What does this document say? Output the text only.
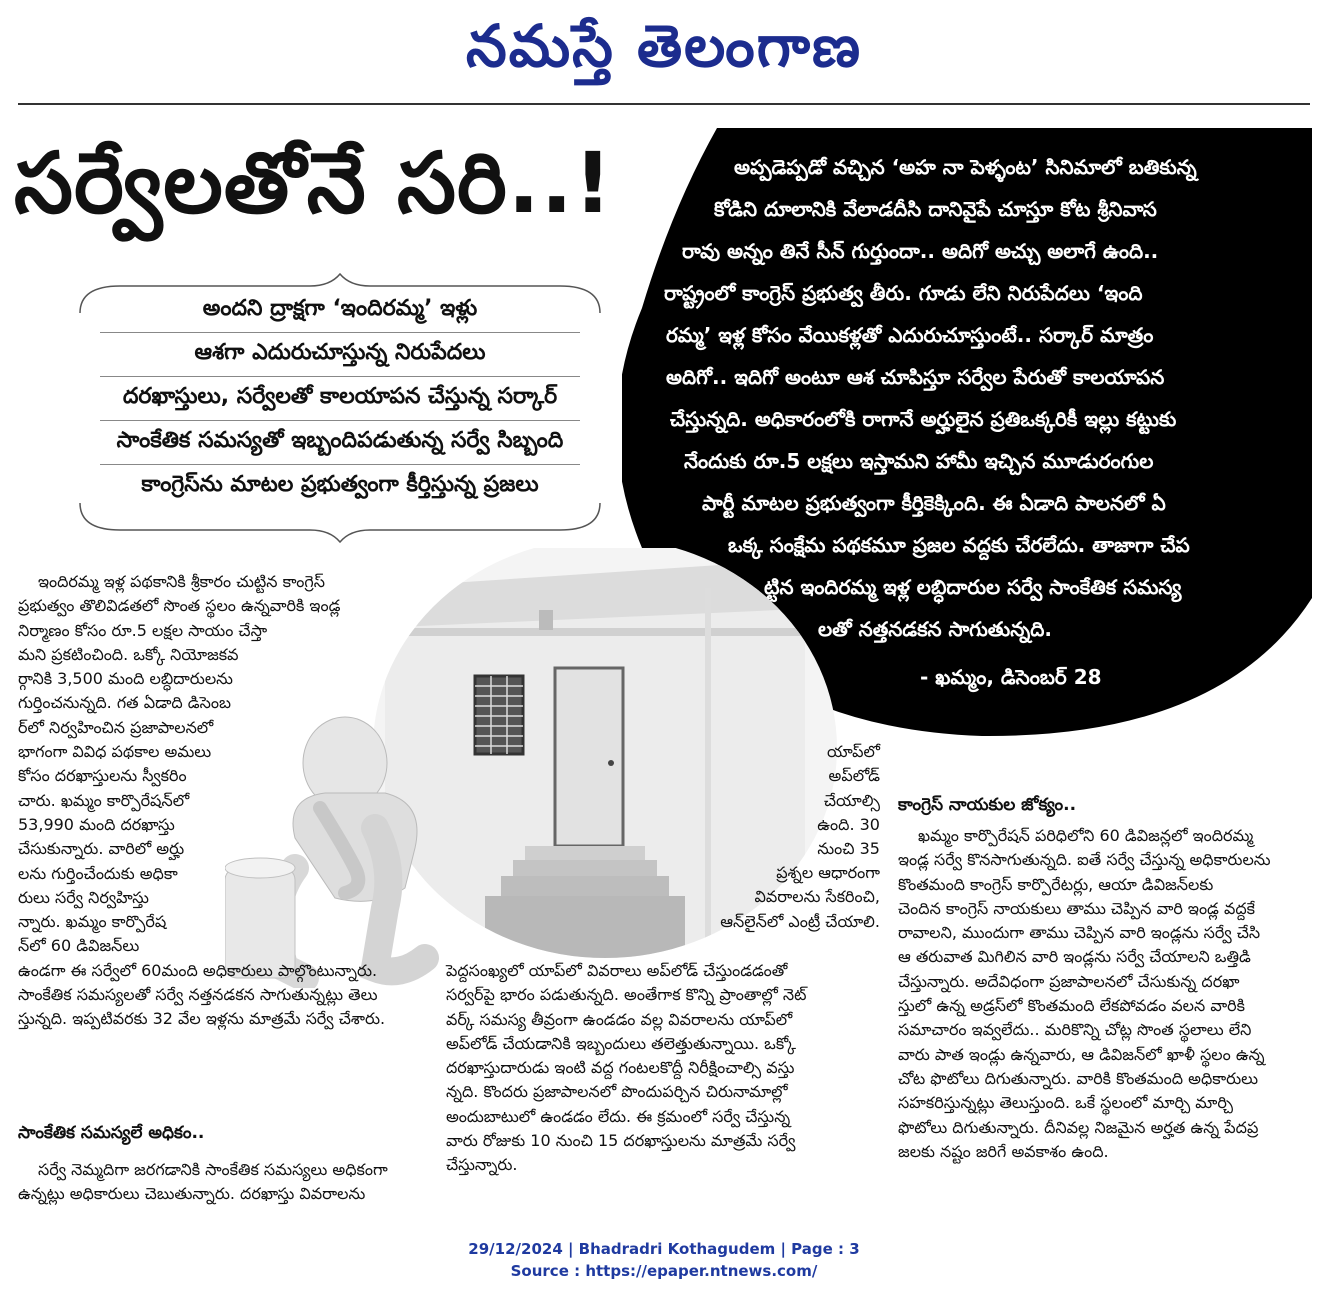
నమస్తే తెలంగాణ
సర్వేలతోనే సరి..!
అందని ద్రాక్షగా ‘ఇందిరమ్మ’ ఇళ్లు
ఆశగా ఎదురుచూస్తున్న నిరుపేదలు
దరఖాస్తులు, సర్వేలతో కాలయాపన చేస్తున్న సర్కార్
సాంకేతిక సమస్యతో ఇబ్బందిపడుతున్న సర్వే సిబ్బంది
కాంగ్రెస్‌ను మాటల ప్రభుత్వంగా కీర్తిస్తున్న ప్రజలు
అప్పడెప్పడో వచ్చిన ‘అహ నా పెళ్ళంట’ సినిమాలో బతికున్న
కోడిని దూలానికి వేలాడదీసి దానివైపే చూస్తూ కోట శ్రీనివాస
రావు అన్నం తినే సీన్‌ గుర్తుందా.. అదిగో అచ్చు అలాగే ఉంది..
రాష్ట్రంలో కాంగ్రెస్‌ ప్రభుత్వ తీరు. గూడు లేని నిరుపేదలు ‘ఇంది
రమ్మ’ ఇళ్ల కోసం వేయికళ్లతో ఎదురుచూస్తుంటే.. సర్కార్‌ మాత్రం
అదిగో.. ఇదిగో అంటూ ఆశ చూపిస్తూ సర్వేల పేరుతో కాలయాపన
చేస్తున్నది. అధికారంలోకి రాగానే అర్హులైన ప్రతిఒక్కరికీ ఇల్లు కట్టుకు
నేందుకు రూ.5 లక్షలు ఇస్తామని హామీ ఇచ్చిన మూడురంగుల
పార్టీ మాటల ప్రభుత్వంగా కీర్తికెక్కింది. ఈ ఏడాది పాలనలో ఏ
ఒక్క సంక్షేమ పథకమూ ప్రజల వద్దకు చేరలేదు. తాజాగా చేప
ట్టిన ఇందిరమ్మ ఇళ్ల లబ్ధిదారుల సర్వే సాంకేతిక సమస్య
లతో నత్తనడకన సాగుతున్నది.
- ఖమ్మం, డిసెంబర్‌ 28
ఇందిరమ్మ ఇళ్ల పథకానికి శ్రీకారం చుట్టిన కాంగ్రెస్‌
ప్రభుత్వం తొలివిడతలో సొంత స్థలం ఉన్నవారికి ఇండ్ల
నిర్మాణం కోసం రూ.5 లక్షల సాయం చేస్తా
మని ప్రకటించింది. ఒక్కో నియోజకవ
ర్గానికి 3,500 మంది లబ్ధిదారులను
గుర్తించనున్నది. గత ఏడాది డిసెంబ
ర్‌లో నిర్వహించిన ప్రజాపాలనలో
భాగంగా వివిధ పథకాల అమలు
కోసం దరఖాస్తులను స్వీకరిం
చారు. ఖమ్మం కార్పొరేషన్‌లో
53,990 మంది దరఖాస్తు
చేసుకున్నారు. వారిలో అర్హు
లను గుర్తించేందుకు అధికా
రులు సర్వే నిర్వహిస్తు
న్నారు. ఖమ్మం కార్పొరేష
న్‌లో 60 డివిజన్‌లు
ఉండగా ఈ సర్వేలో 60మంది అధికారులు పాల్గొంటున్నారు.
సాంకేతిక సమస్యలతో సర్వే నత్తనడకన సాగుతున్నట్లు తెలు
స్తున్నది. ఇప్పటివరకు 32 వేల ఇళ్లను మాత్రమే సర్వే చేశారు.
సాంకేతిక సమస్యలే అధికం..
సర్వే నెమ్మదిగా జరగడానికి సాంకేతిక సమస్యలు అధికంగా
ఉన్నట్లు అధికారులు చెబుతున్నారు. దరఖాస్తు వివరాలను
యాప్‌లో
అప్‌లోడ్‌
చేయాల్సి
ఉంది. 30
నుంచి 35
ప్రశ్నల ఆధారంగా
వివరాలను సేకరించి,
ఆన్‌లైన్‌లో ఎంట్రీ చేయాలి.
పెద్దసంఖ్యలో యాప్‌లో వివరాలు అప్‌లోడ్‌ చేస్తుండడంతో
సర్వర్‌పై భారం పడుతున్నది. అంతేగాక కొన్ని ప్రాంతాల్లో నెట్‌
వర్క్‌ సమస్య తీవ్రంగా ఉండడం వల్ల వివరాలను యాప్‌లో
అప్‌లోడ్‌ చేయడానికి ఇబ్బందులు తలెత్తుతున్నాయి. ఒక్కో
దరఖాస్తుదారుడు ఇంటి వద్ద గంటలకొద్దీ నిరీక్షించాల్సి వస్తు
న్నది. కొందరు ప్రజాపాలనలో పొందుపర్చిన చిరునామాల్లో
అందుబాటులో ఉండడం లేదు. ఈ క్రమంలో సర్వే చేస్తున్న
వారు రోజుకు 10 నుంచి 15 దరఖాస్తులను మాత్రమే సర్వే
చేస్తున్నారు.
కాంగ్రెస్‌ నాయకుల జోక్యం..
ఖమ్మం కార్పొరేషన్‌ పరిధిలోని 60 డివిజన్లలో ఇందిరమ్మ
ఇండ్ల సర్వే కొనసాగుతున్నది. ఐతే సర్వే చేస్తున్న అధికారులను
కొంతమంది కాంగ్రెస్‌ కార్పొరేటర్లు, ఆయా డివిజన్‌లకు
చెందిన కాంగ్రెస్‌ నాయకులు తాము చెప్పిన వారి ఇండ్ల వద్దకే
రావాలని, ముందుగా తాము చెప్పిన వారి ఇండ్లను సర్వే చేసి
ఆ తరువాత మిగిలిన వారి ఇండ్లను సర్వే చేయాలని ఒత్తిడి
చేస్తున్నారు. అదేవిధంగా ప్రజాపాలనలో చేసుకున్న దరఖా
స్తులో ఉన్న అడ్రస్‌లో కొంతమంది లేకపోవడం వలన వారికి
సమాచారం ఇవ్వలేదు.. మరికొన్ని చోట్ల సొంత స్థలాలు లేని
వారు పాత ఇండ్లు ఉన్నవారు, ఆ డివిజన్‌లో ఖాళీ స్థలం ఉన్న
చోట ఫొటోలు దిగుతున్నారు. వారికి కొంతమంది అధికారులు
సహకరిస్తున్నట్లు తెలుస్తుంది. ఒకే స్థలంలో మార్చి మార్చి
ఫొటోలు దిగుతున్నారు. దీనివల్ల నిజమైన అర్హత ఉన్న పేదప్ర
జలకు నష్టం జరిగే అవకాశం ఉంది.
29/12/2024 | Bhadradri Kothagudem | Page : 3
Source : https://epaper.ntnews.com/
